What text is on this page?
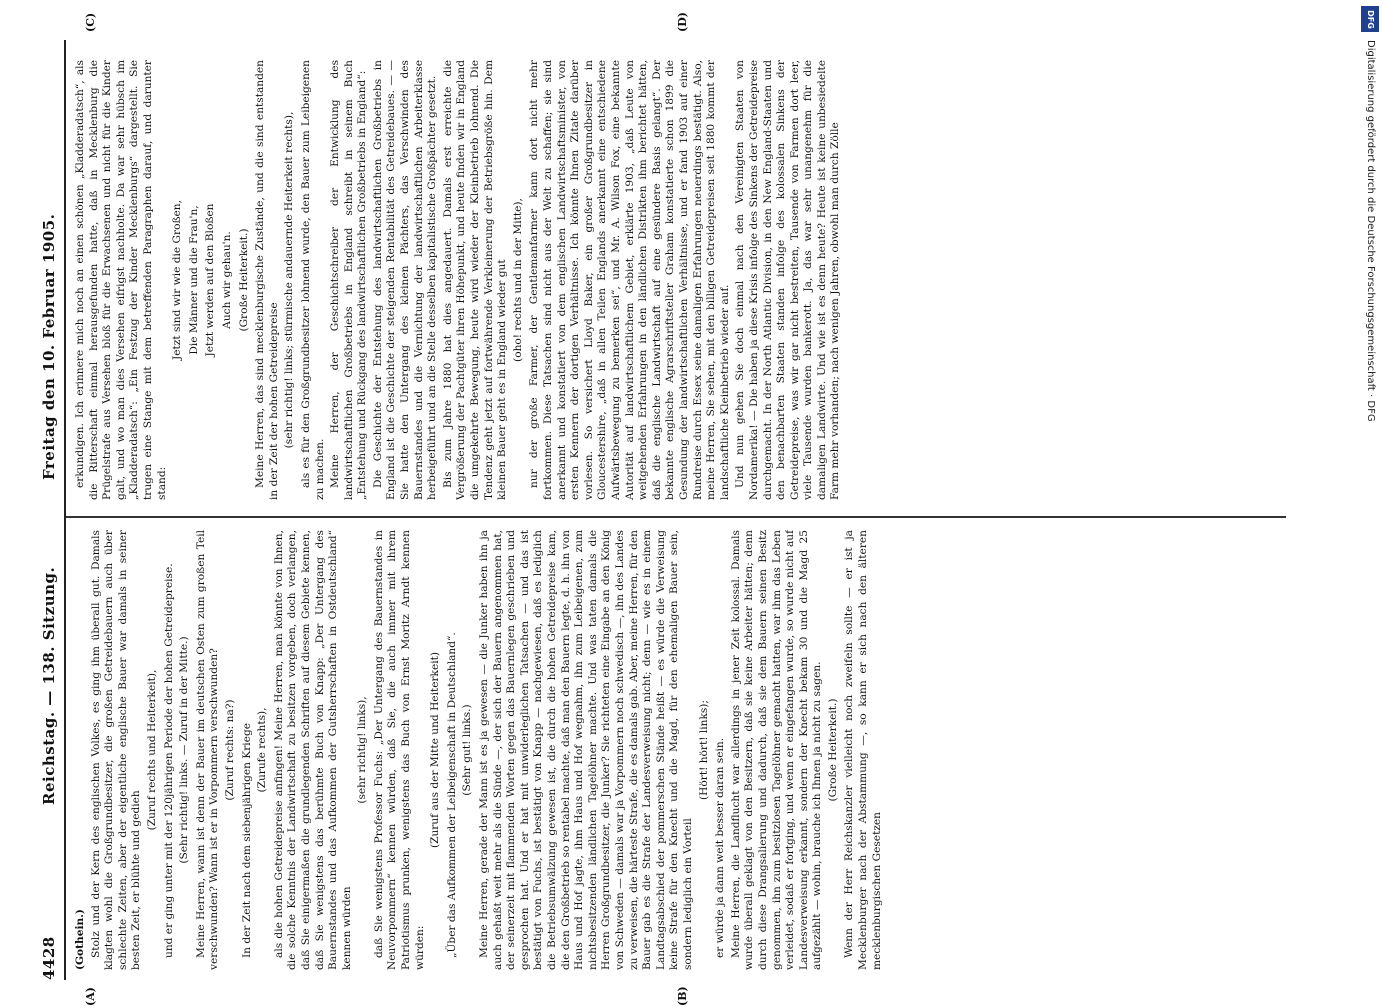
4428
Reichstag. — 138. Sitzung.
Freitag den 10. Februar 1905.
(A)	(B)
(C)	(D)
(Gothein.) Stolz und der Kern des englischen Volkes, es ging ihm überall gut. Damals klagten wohl die Großgrundbesitzer, die großen Getreidebauern auch über schlechte Zeiten, aber der eigentliche englische Bauer war damals in seiner besten Zeit, er blühte und gedieh

(Zuruf rechts und Heiterkeit), und er ging unter mit der 120jährigen Periode der hohen Getreidepreise. (Sehr richtig! links. — Zuruf in der Mitte.) Meine Herren, wann ist denn der Bauer im deutschen Osten zum großen Teil verschwunden? Wann ist er in Vorpommern verschwunden? (Zuruf rechts: na?) In der Zeit nach dem siebenjährigen Kriege (Zurufe rechts), als die hohen Getreidepreise anfingen! Meine Herren, man könnte von Ihnen, die solche Kenntnis der Landwirtschaft zu besitzen vorgeben, doch verlangen, daß Sie einigermaßen die grundlegenden Schriften auf diesem Gebiete kennen, daß Sie wenigstens das berühmte Buch von Knapp: „Der Untergang des Bauernstandes und das Aufkommen der Gutsherrschaften in Ostdeutschland“ kennen würden

(sehr richtig! links), daß Sie wenigstens Professor Fuchs: „Der Untergang des Bauernstandes in Neuvorpommern“ kennen würden, daß Sie, die auch immer mit ihrem Patriotismus prunken, wenigstens das Buch von Ernst Moritz Arndt kennen würden:

(Zuruf aus der Mitte und Heiterkeit) „Über das Aufkommen der Leibeigenschaft in Deutschland“. (Sehr gut! links.) Meine Herren, gerade der Mann ist es ja gewesen — die Junker haben ihn ja auch gehaßt weit mehr als die Sünde —, der sich der Bauern angenommen hat, der seinerzeit mit flammenden Worten gegen das Bauernlegen geschrieben und gesprochen hat. Und er hat mit unwiderleglichen Tatsachen — und das ist bestätigt von Fuchs, ist bestätigt von Knapp — nachgewiesen, daß es lediglich die Betriebsumwälzung gewesen ist, die durch die hohen Getreidepreise kam, die den Großbetrieb so rentabel machte, daß man den Bauern legte, d. h. ihn von Haus und Hof jagte, ihm Haus und Hof wegnahm, ihn zum Leibeigenen, zum nichtsbesitzenden ländlichen Tagelöhner machte. Und was taten damals die Herren Großgrundbesitzer, die Junker? Sie richteten eine Eingabe an den König von Schweden — damals war ja Vorpommern noch schwedisch —, ihn des Landes zu verweisen, die härteste Strafe, die es damals gab. Aber, meine Herren, für den Bauer gab es die Strafe der Landesverweisung nicht; denn — wie es in einem Landtagsabschied der pommerschen Stände heißt — es würde die Verweisung keine Strafe für den Knecht und die Magd, für den ehemaligen Bauer sein, sondern lediglich ein Vorteil

(Hört! hört! links); er würde ja dann weit besser daran sein. Meine Herren, die Landflucht war allerdings in jener Zeit kolossal. Damals wurde überall geklagt von den Besitzern, daß sie keine Arbeiter hätten; denn durch diese Drangsalierung und dadurch, daß sie dem Bauern seinen Besitz genommen, ihn zum besitzlosen Tagelöhner gemacht hatten, war ihm das Leben verleidet, sodaß er fortging, und wenn er eingefangen wurde, so wurde nicht auf Landesverweisung erkannt, sondern der Knecht bekam 30 und die Magd 25 aufgezählt — wohin, brauche ich Ihnen ja nicht zu sagen. (Große Heiterkeit.) Wenn der Herr Reichskanzler vielleicht noch zweifeln sollte — er ist ja Mecklenburger nach der Abstammung —, so kann er sich nach den älteren mecklenburgischen Gesetzen

erkundigen. Ich erinnere mich noch an einen schönen „Kladderadatsch“, als die Ritterschaft einmal herausgefunden hatte, daß in Mecklenburg die Prügelstrafe aus Versehen bloß für die Erwachsenen und nicht für die Kinder galt, und wo man dies Versehen eifrigst nachholte. Da war sehr hübsch im „Kladderadatsch“: „Ein Festzug der Kinder Mecklenburgs“ dargestellt. Sie trugen eine Stange mit dem betreffenden Paragraphen darauf, und darunter stand:

Jetzt sind wir wie die Großen, Die Männer und die Frau'n, Jetzt werden auf den Bloßen Auch wir gehau'n. (Große Heiterkeit.) Meine Herren, das sind mecklenburgische Zustände, und die sind entstanden in der Zeit der hohen Getreidepreise (sehr richtig! links; stürmische andauernde Heiterkeit rechts), als es für den Großgrundbesitzer lohnend wurde, den Bauer zum Leibeigenen zu machen. Meine Herren, der Geschichtschreiber der Entwicklung des landwirtschaftlichen Großbetriebs in England schreibt in seinem Buch „Entstehung und Rückgang des landwirtschaftlichen Großbetriebs in England“: Die Geschichte der Entstehung des landwirtschaftlichen Großbetriebs in England ist die Geschichte der steigenden Rentabilität des Getreidebaues. — — Sie hatte den Untergang des kleinen Pächters, das Verschwinden des Bauernstandes und die Vernichtung der landwirtschaftlichen Arbeiterklasse herbeigeführt und an die Stelle desselben kapitalistische Großpächter gesetzt. Bis zum Jahre 1880 hat dies angedauert. Damals erst erreichte die Vergrößerung der Pachtgüter ihren Höhepunkt, und heute finden wir in England die umgekehrte Bewegung, heute wird wieder der Kleinbetrieb lohnend. Die Tendenz geht jetzt auf fortwährende Verkleinerung der Betriebsgröße hin. Dem kleinen Bauer geht es in England wieder gut (oho! rechts und in der Mitte), nur der große Farmer, der Gentlemanfarmer kann dort nicht mehr fortkommen. Diese Tatsachen sind nicht aus der Welt zu schaffen; sie sind anerkannt und konstatiert von dem englischen Landwirtschaftsminister, von ersten Kennern der dortigen Verhältnisse. Ich könnte Ihnen Zitate darüber vorlesen. So versichert Lloyd Baker, ein großer Großgrundbesitzer in Gloucestershire, „daß in allen Teilen Englands anerkannt eine entschiedene Aufwärtsbewegung zu bemerken sei“, und Mr. A. Wilson Fox, eine bekannte Autorität auf landwirtschaftlichem Gebiet, erklärte 1903, „daß Leute von weitgehenden Erfahrungen in den ländlichen Distrikten ihm berichtet hätten, daß die englische Landwirtschaft auf eine gesündere Basis gelangt“. Der bekannte englische Agrarschriftsteller Graham konstatierte schon 1899 die Gesundung der landwirtschaftlichen Verhältnisse, und er fand 1903 auf einer Rundreise durch Essex seine damaligen Erfahrungen neuerdings bestätigt. Also, meine Herren, Sie sehen, mit den billigen Getreidepreisen seit 1880 kommt der landschaftliche Kleinbetrieb wieder auf. Und nun gehen Sie doch einmal nach den Vereinigten Staaten von Nordamerika! — Die haben ja diese Krisis infolge des Sinkens der Getreidepreise durchgemacht. In der North Atlantic Division, in den New England-Staaten und den benachbarten Staaten standen infolge des kolossalen Sinkens der Getreidepreise, was wir gar nicht bestreiten, Tausende von Farmen dort leer, viele Tausende wurden bankerott. Ja, das war sehr unangenehm für die damaligen Landwirte. Und wie ist es denn heute? Heute ist keine unbesiedelte Farm mehr vorhanden; nach wenigen Jahren, obwohl man durch Zölle

DFG
Digitalisierung gefördert durch die Deutsche Forschungsgemeinschaft · DFG
